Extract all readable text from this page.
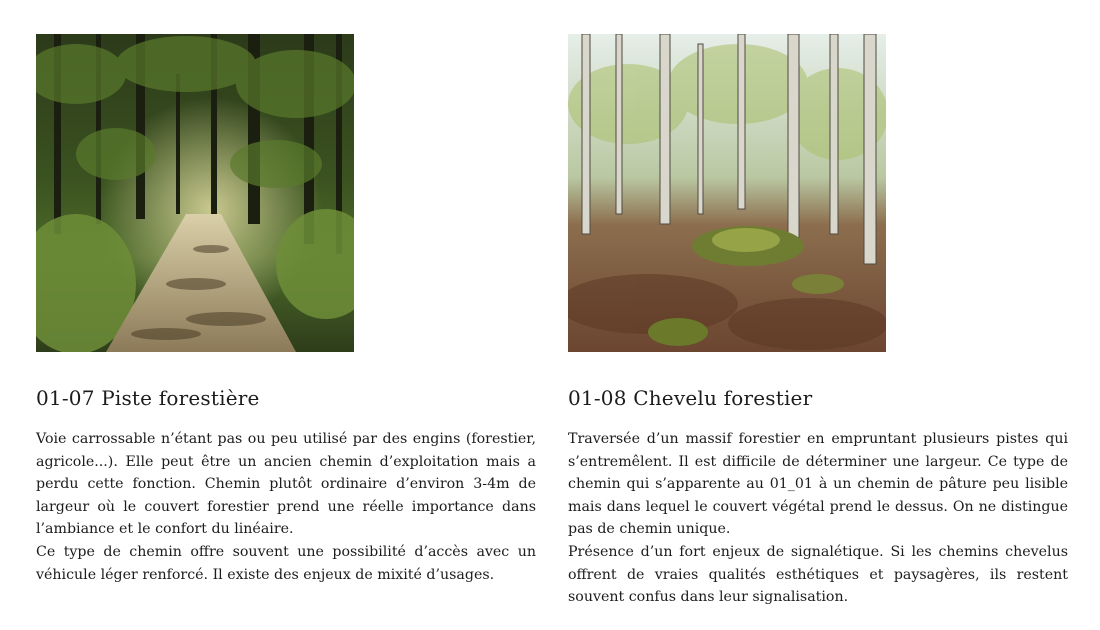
01-07 Piste forestière

Voie carrossable n’étant pas ou peu utilisé par des engins (forestier, agricole...). Elle peut être un ancien chemin d’exploitation mais a perdu cette fonction. Chemin plutôt ordinaire d’environ 3-4m de largeur où le couvert forestier prend une réelle importance dans l’ambiance et le confort du linéaire.

Ce type de chemin offre souvent une possibilité d’accès avec un véhicule léger renforcé. Il existe des enjeux de mixité d’usages.

01-08 Chevelu forestier

Traversée d’un massif forestier en empruntant plusieurs pistes qui s’entremêlent. Il est difficile de déterminer une largeur. Ce type de chemin qui s’apparente au 01_01 à un chemin de pâture peu lisible mais dans lequel le couvert végétal prend le dessus. On ne distingue pas de chemin unique.

Présence d’un fort enjeux de signalétique. Si les chemins chevelus offrent de vraies qualités esthétiques et paysagères, ils restent souvent confus dans leur signalisation.
